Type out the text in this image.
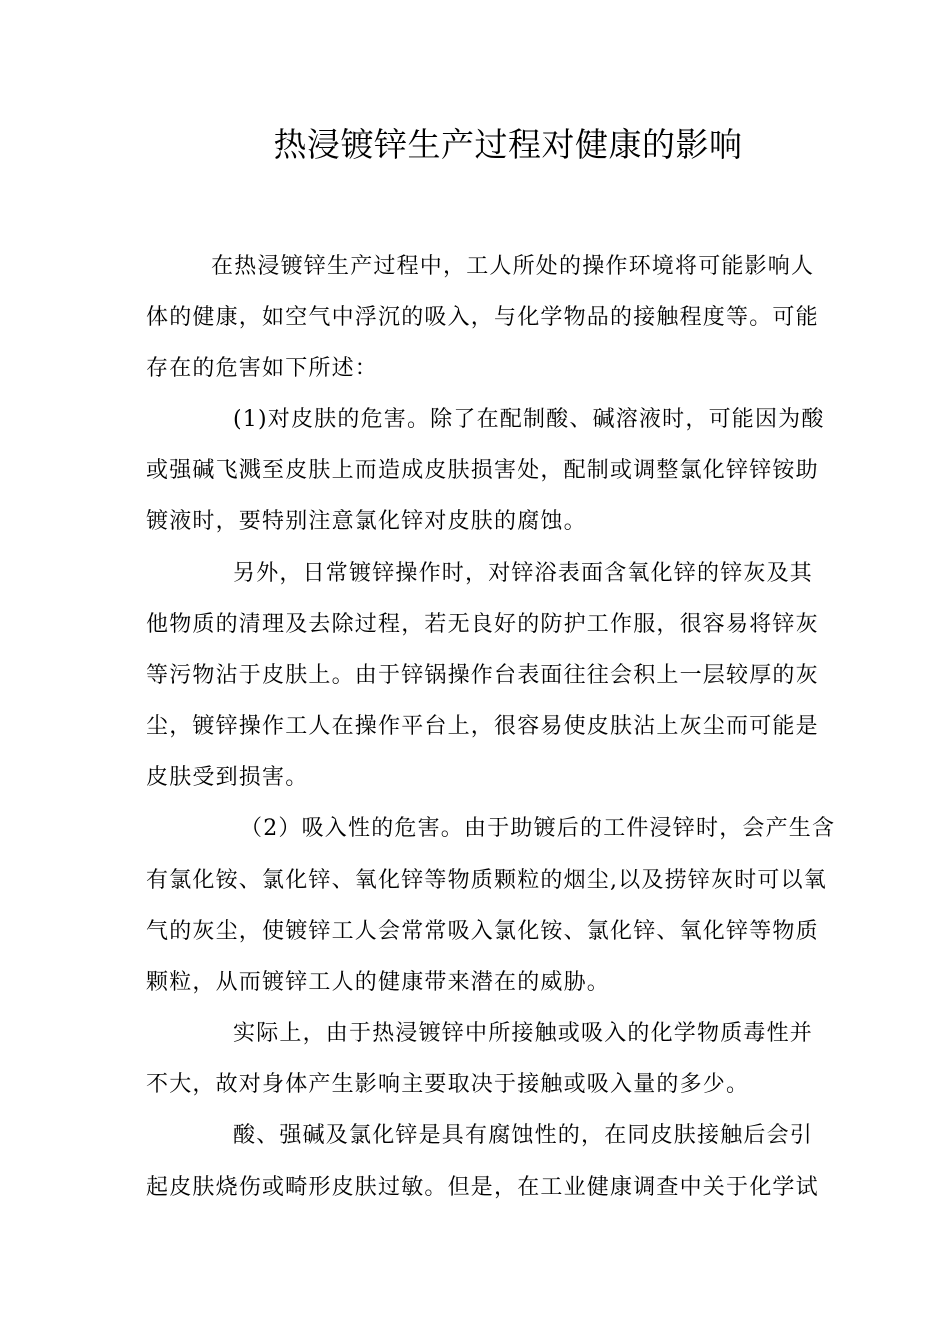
热浸镀锌生产过程对健康的影响
在热浸镀锌生产过程中，工人所处的操作环境将可能影响人
体的健康，如空气中浮沉的吸入，与化学物品的接触程度等。可能
存在的危害如下所述：
(1)对皮肤的危害。除了在配制酸、碱溶液时，可能因为酸
或强碱飞溅至皮肤上而造成皮肤损害处，配制或调整氯化锌锌铵助
镀液时，要特别注意氯化锌对皮肤的腐蚀。
另外，日常镀锌操作时，对锌浴表面含氧化锌的锌灰及其
他物质的清理及去除过程，若无良好的防护工作服，很容易将锌灰
等污物沾于皮肤上。由于锌锅操作台表面往往会积上一层较厚的灰
尘，镀锌操作工人在操作平台上，很容易使皮肤沾上灰尘而可能是
皮肤受到损害。
（2）吸入性的危害。由于助镀后的工件浸锌时，会产生含
有氯化铵、氯化锌、氧化锌等物质颗粒的烟尘,以及捞锌灰时可以氧
气的灰尘，使镀锌工人会常常吸入氯化铵、氯化锌、氧化锌等物质
颗粒，从而镀锌工人的健康带来潜在的威胁。
实际上，由于热浸镀锌中所接触或吸入的化学物质毒性并
不大，故对身体产生影响主要取决于接触或吸入量的多少。
酸、强碱及氯化锌是具有腐蚀性的，在同皮肤接触后会引
起皮肤烧伤或畸形皮肤过敏。但是，在工业健康调查中关于化学试
